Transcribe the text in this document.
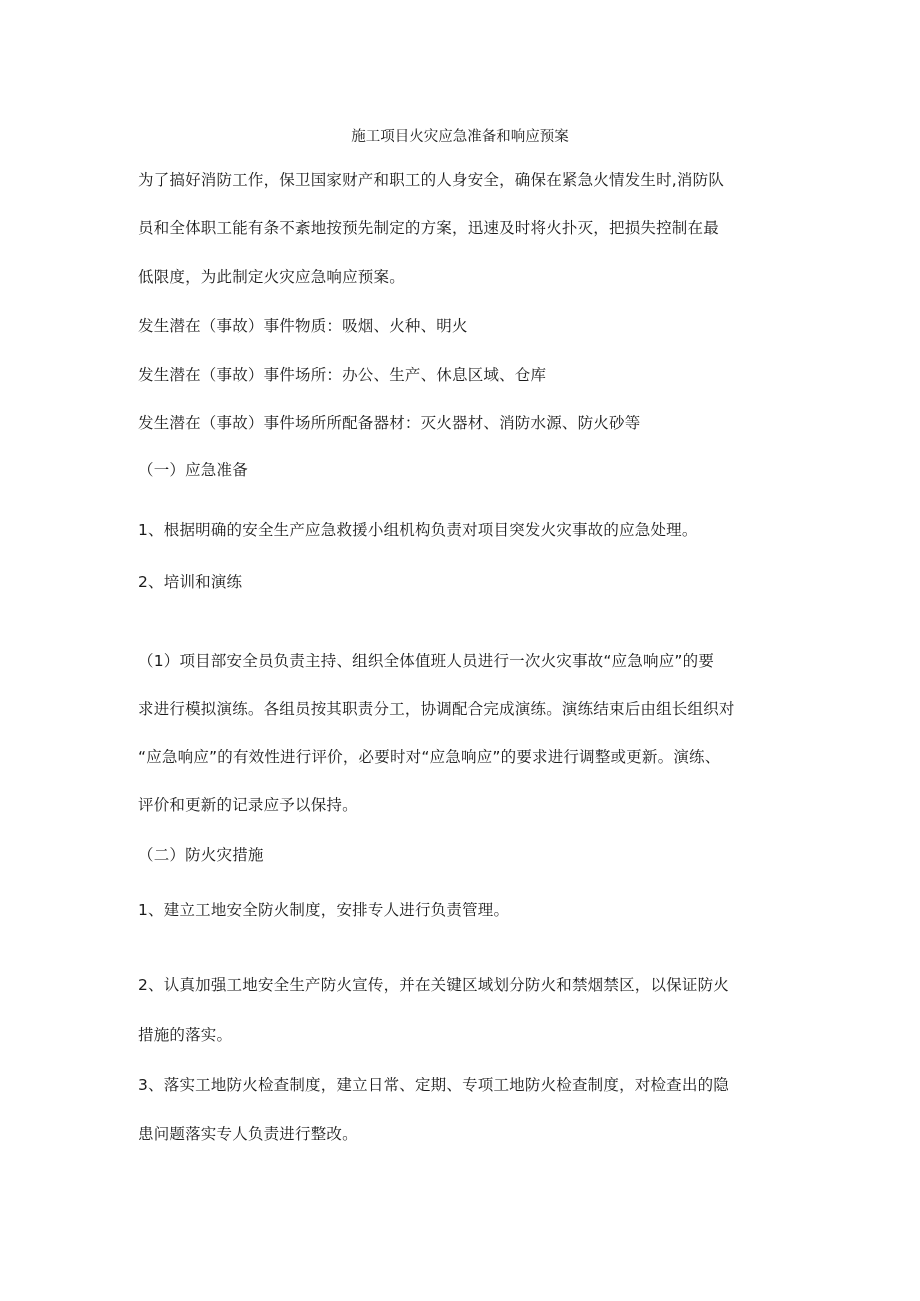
施工项目火灾应急准备和响应预案
为了搞好消防工作，保卫国家财产和职工的人身安全，确保在紧急火情发生时,消防队
员和全体职工能有条不紊地按预先制定的方案，迅速及时将火扑灭，把损失控制在最
低限度，为此制定火灾应急响应预案。
发生潜在（事故）事件物质：吸烟、火种、明火
发生潜在（事故）事件场所：办公、生产、休息区域、仓库
发生潜在（事故）事件场所所配备器材：灭火器材、消防水源、防火砂等
（一）应急准备
1、根据明确的安全生产应急救援小组机构负责对项目突发火灾事故的应急处理。
2、培训和演练
（1）项目部安全员负责主持、组织全体值班人员进行一次火灾事故“应急响应”的要
求进行模拟演练。各组员按其职责分工，协调配合完成演练。演练结束后由组长组织对
“应急响应”的有效性进行评价，必要时对“应急响应”的要求进行调整或更新。演练、
评价和更新的记录应予以保持。
（二）防火灾措施
1、建立工地安全防火制度，安排专人进行负责管理。
2、认真加强工地安全生产防火宣传，并在关键区域划分防火和禁烟禁区，以保证防火
措施的落实。
3、落实工地防火检查制度，建立日常、定期、专项工地防火检查制度，对检查出的隐
患问题落实专人负责进行整改。
